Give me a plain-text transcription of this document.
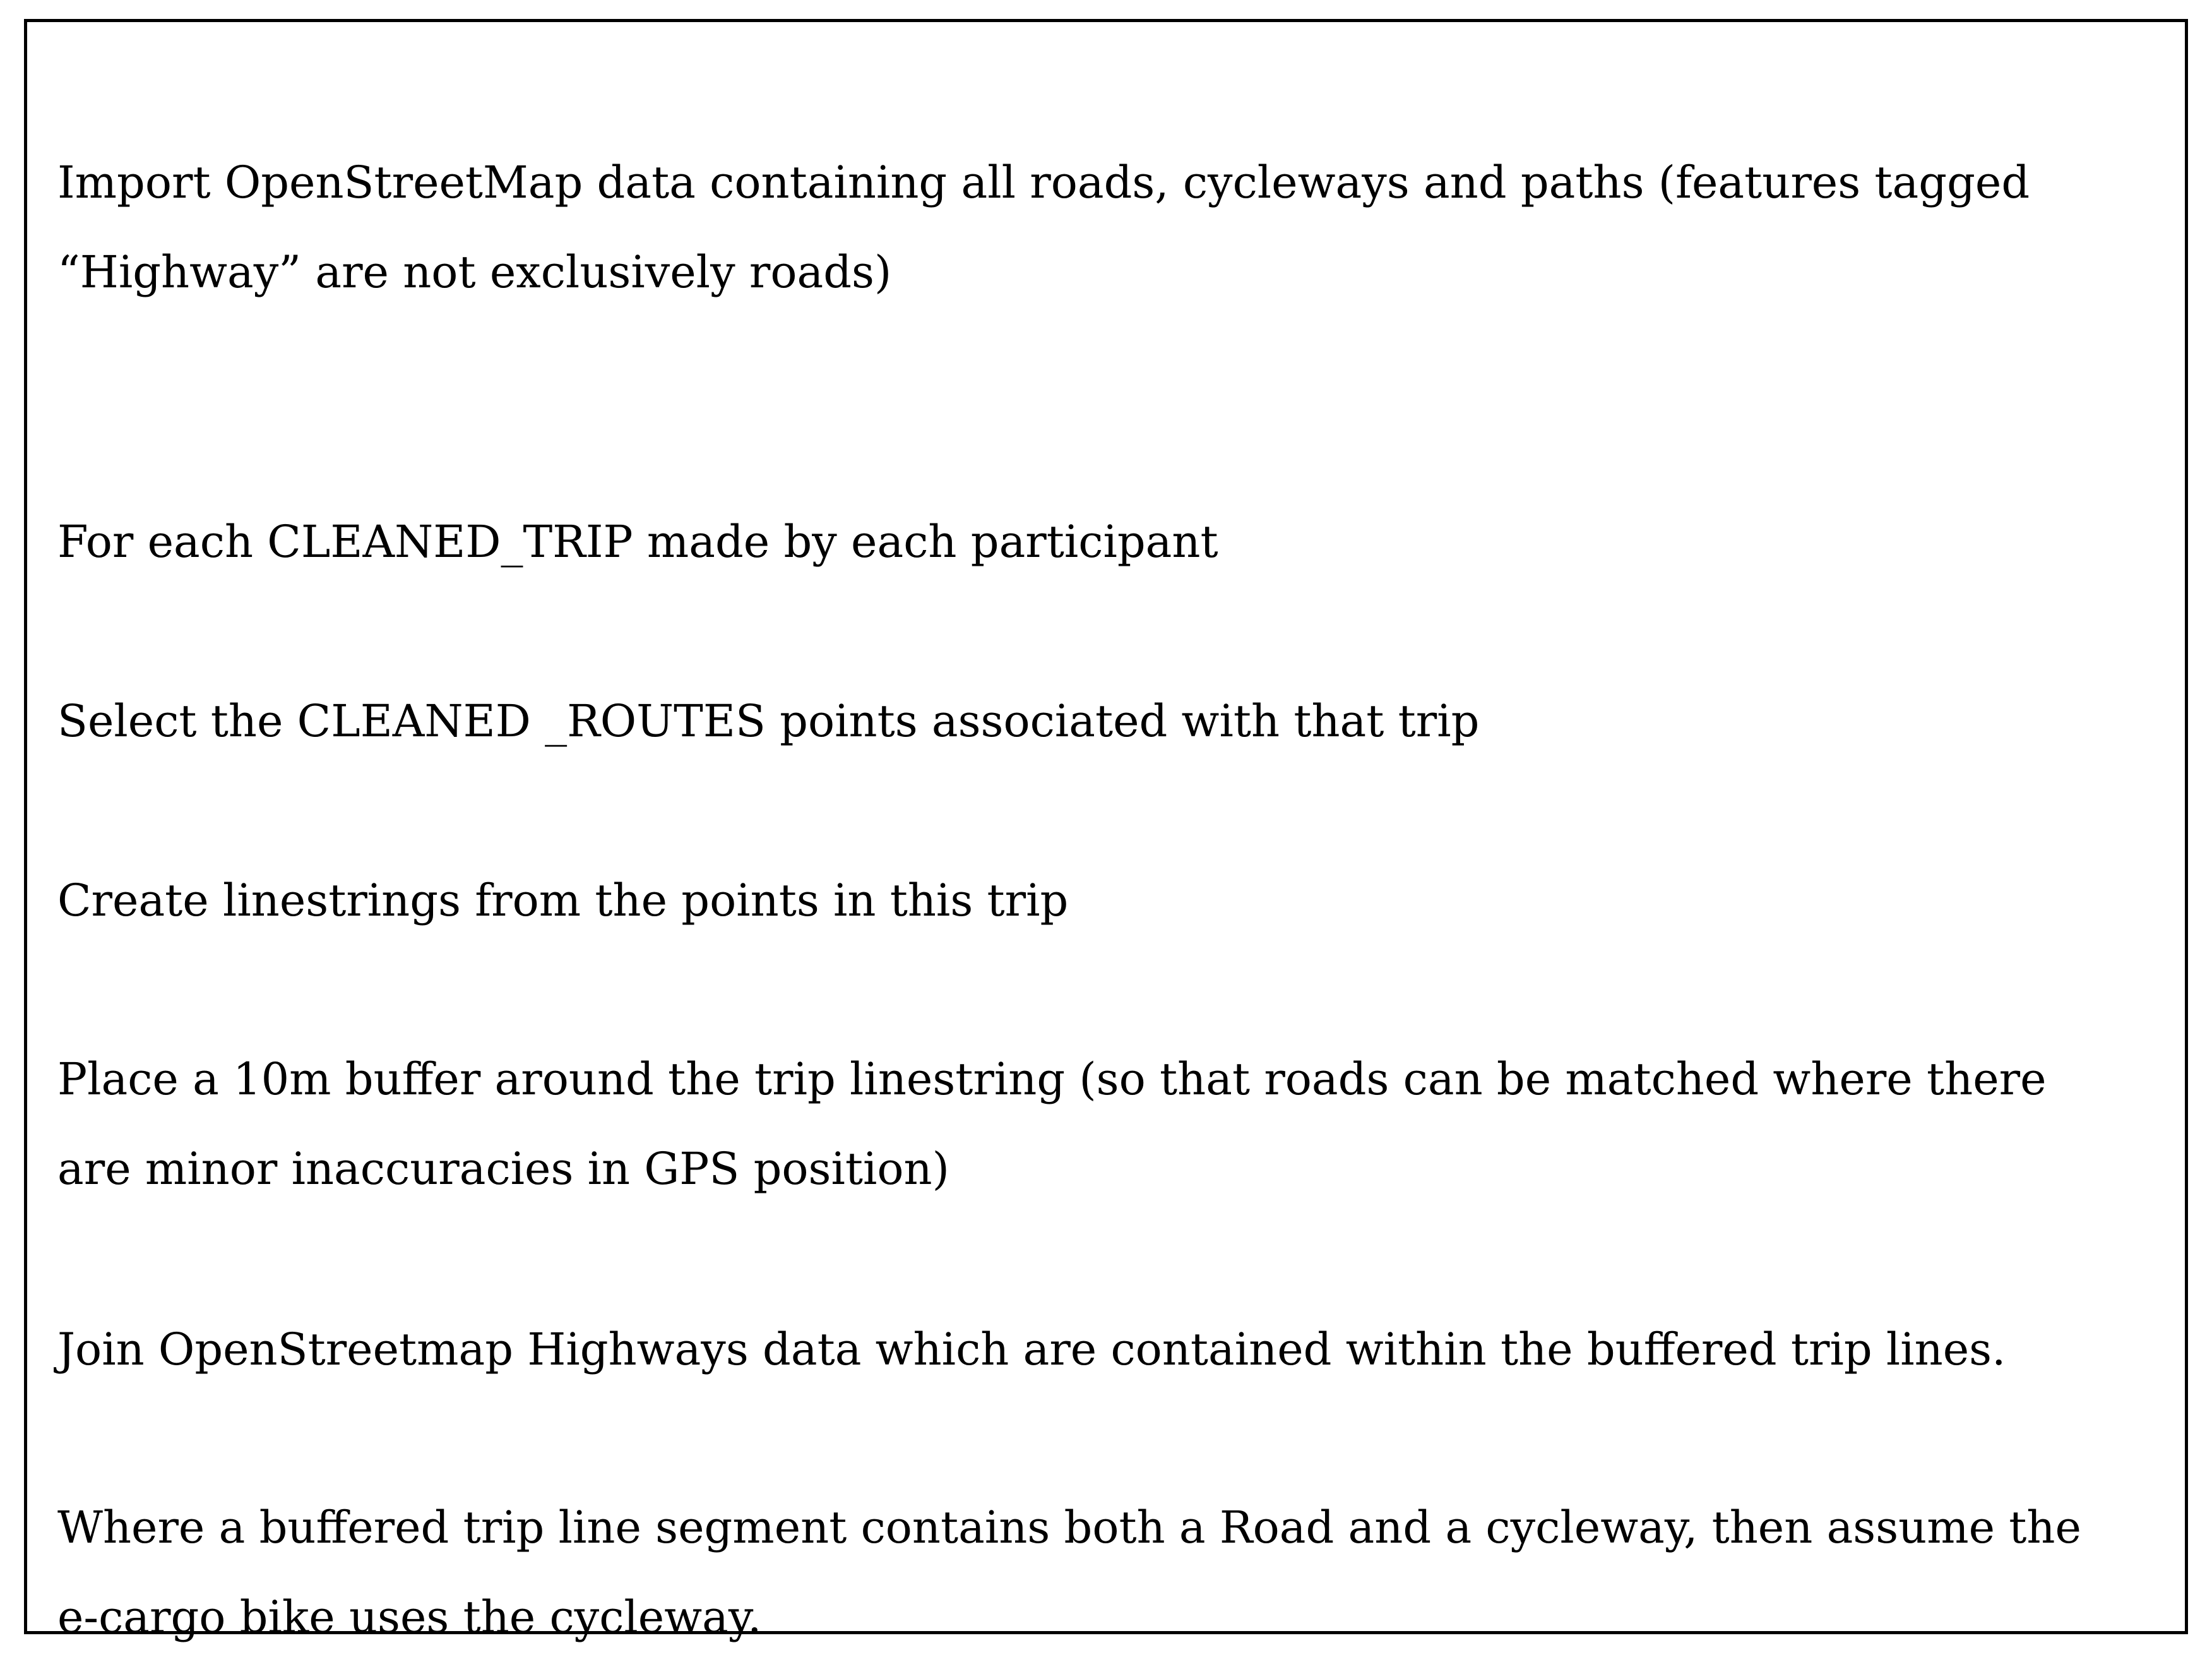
Import OpenStreetMap data containing all roads, cycleways and paths (features tagged
“Highway” are not exclusively roads)

For each CLEANED_TRIP made by each participant

Select the CLEANED _ROUTES points associated with that trip

Create linestrings from the points in this trip

Place a 10m buffer around the trip linestring (so that roads can be matched where there
are minor inaccuracies in GPS position)

Join OpenStreetmap Highways data which are contained within the buffered trip lines.

Where a buffered trip line segment contains both a Road and a cycleway, then assume the
e-cargo bike uses the cycleway.
